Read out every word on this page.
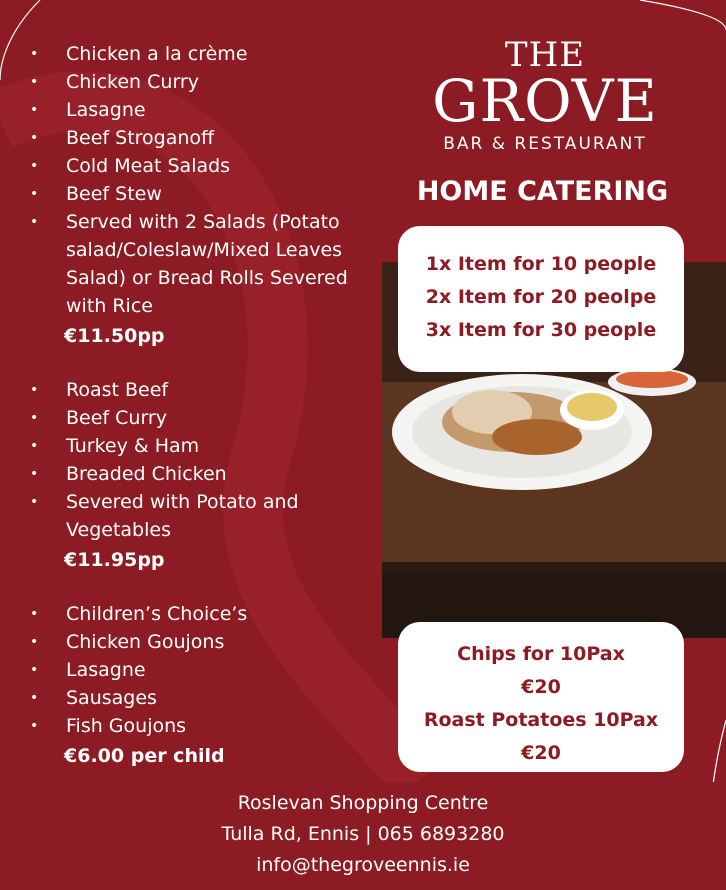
• Chicken a la crème
• Chicken Curry
• Lasagne
• Beef Stroganoff
• Cold Meat Salads
• Beef Stew
• Served with 2 Salads (Potato salad/Coleslaw/Mixed Leaves Salad) or Bread Rolls Severed with Rice
€11.50pp
• Roast Beef
• Beef Curry
• Turkey & Ham
• Breaded Chicken
• Severed with Potato and Vegetables
€11.95pp
• Children’s Choice’s
• Chicken Goujons
• Lasagne
• Sausages
• Fish Goujons
€6.00 per child
THE
GROVE
BAR & RESTAURANT
HOME CATERING
1x Item for 10 people
2x Item for 20 peolpe
3x Item for 30 people
Chips for 10Pax
€20
Roast Potatoes 10Pax
€20
Roslevan Shopping Centre
Tulla Rd, Ennis | 065 6893280
info@thegroveennis.ie
